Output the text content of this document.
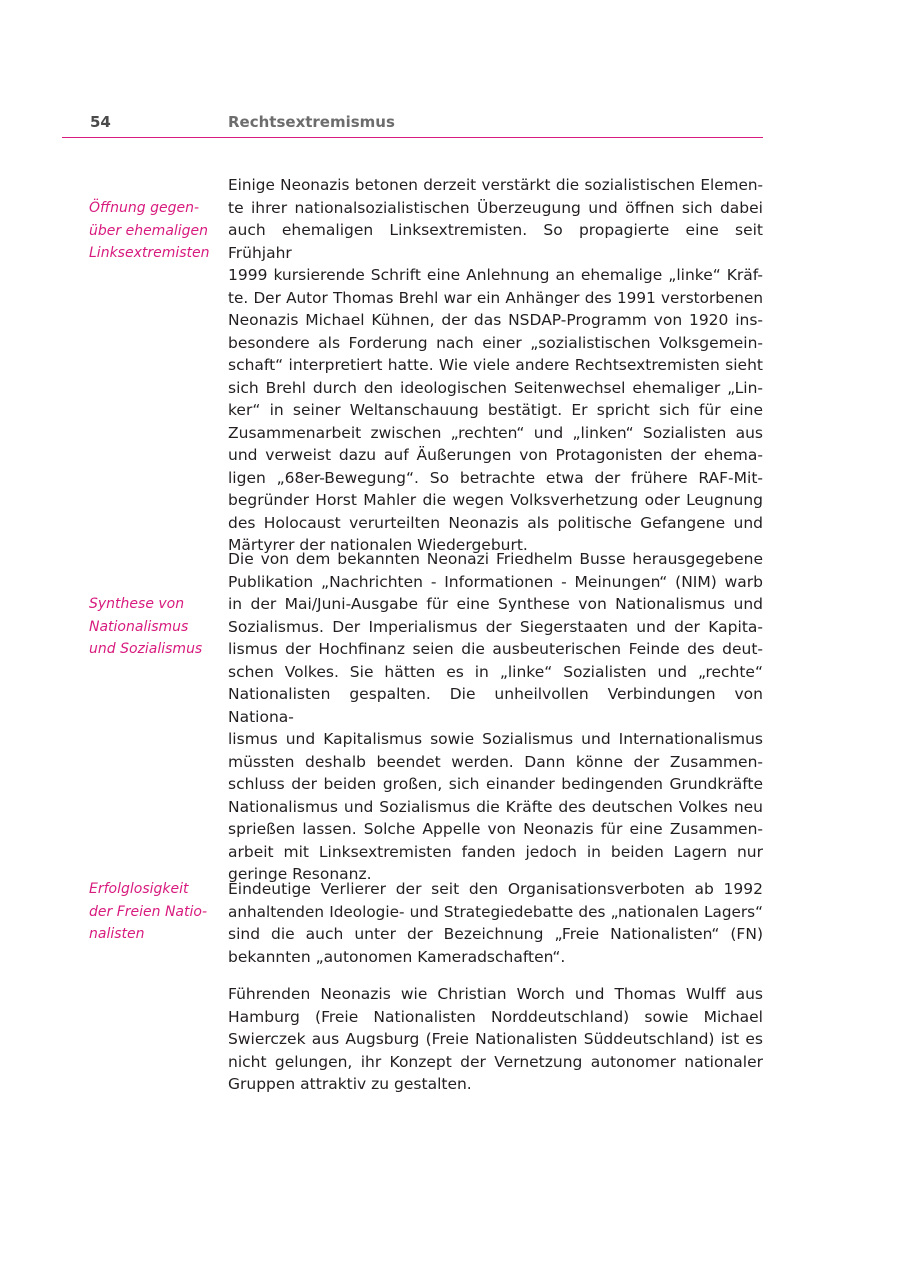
54	Rechtsextremismus
Öffnung gegen-
über ehemaligen
Linksextremisten
Synthese von
Nationalismus
und Sozialismus
Erfolglosigkeit
der Freien Natio-
nalisten
Einige Neonazis betonen derzeit verstärkt die sozialistischen Elemen-
te ihrer nationalsozialistischen Überzeugung und öffnen sich dabei
auch ehemaligen Linksextremisten. So propagierte eine seit Frühjahr
1999 kursierende Schrift eine Anlehnung an ehemalige „linke“ Kräf-
te. Der Autor Thomas Brehl war ein Anhänger des 1991 verstorbenen
Neonazis Michael Kühnen, der das NSDAP-Programm von 1920 ins-
besondere als Forderung nach einer „sozialistischen Volksgemein-
schaft“ interpretiert hatte. Wie viele andere Rechtsextremisten sieht
sich Brehl durch den ideologischen Seitenwechsel ehemaliger „Lin-
ker“ in seiner Weltanschauung bestätigt. Er spricht sich für eine
Zusammenarbeit zwischen „rechten“ und „linken“ Sozialisten aus
und verweist dazu auf Äußerungen von Protagonisten der ehema-
ligen „68er-Bewegung“. So betrachte etwa der frühere RAF-Mit-
begründer Horst Mahler die wegen Volksverhetzung oder Leugnung
des Holocaust verurteilten Neonazis als politische Gefangene und
Märtyrer der nationalen Wiedergeburt.
Die von dem bekannten Neonazi Friedhelm Busse herausgegebene
Publikation „Nachrichten - Informationen - Meinungen“ (NIM) warb
in der Mai/Juni-Ausgabe für eine Synthese von Nationalismus und
Sozialismus. Der Imperialismus der Siegerstaaten und der Kapita-
lismus der Hochfinanz seien die ausbeuterischen Feinde des deut-
schen Volkes. Sie hätten es in „linke“ Sozialisten und „rechte“
Nationalisten gespalten. Die unheilvollen Verbindungen von Nationa-
lismus und Kapitalismus sowie Sozialismus und Internationalismus
müssten deshalb beendet werden. Dann könne der Zusammen-
schluss der beiden großen, sich einander bedingenden Grundkräfte
Nationalismus und Sozialismus die Kräfte des deutschen Volkes neu
sprießen lassen. Solche Appelle von Neonazis für eine Zusammen-
arbeit mit Linksextremisten fanden jedoch in beiden Lagern nur
geringe Resonanz.
Eindeutige Verlierer der seit den Organisationsverboten ab 1992
anhaltenden Ideologie- und Strategiedebatte des „nationalen Lagers“
sind die auch unter der Bezeichnung „Freie Nationalisten“ (FN)
bekannten „autonomen Kameradschaften“.
Führenden Neonazis wie Christian Worch und Thomas Wulff aus
Hamburg (Freie Nationalisten Norddeutschland) sowie Michael
Swierczek aus Augsburg (Freie Nationalisten Süddeutschland) ist es
nicht gelungen, ihr Konzept der Vernetzung autonomer nationaler
Gruppen attraktiv zu gestalten.
